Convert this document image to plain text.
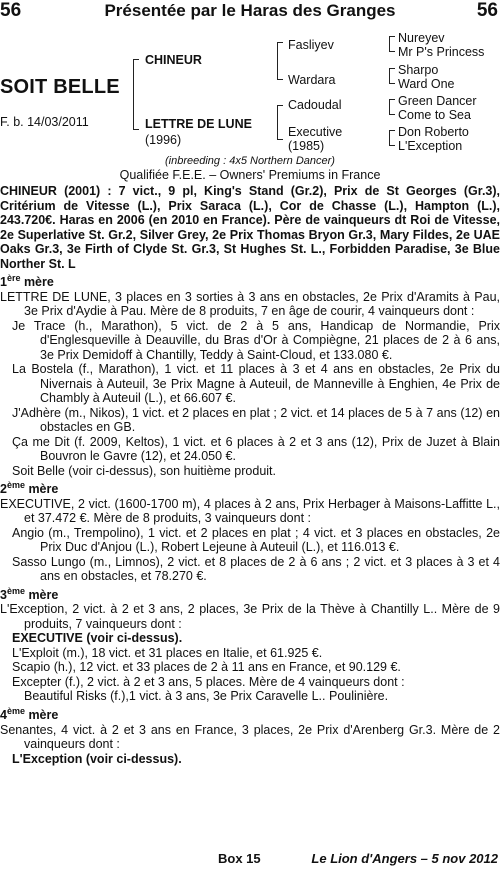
56	Présentée par le Haras des Granges	56
SOIT BELLE
F. b. 14/03/2011
CHINEUR
LETTRE DE LUNE
(1996)
Fasliyev
Wardara
Cadoudal
Executive
(1985)
Nureyev
Mr P's Princess
Sharpo
Ward One
Green Dancer
Come to Sea
Don Roberto
L'Exception
(inbreeding : 4x5 Northern Dancer)
Qualifiée F.E.E. – Owners' Premiums in France

CHINEUR (2001) : 7 vict., 9 pl, King's Stand (Gr.2), Prix de St Georges (Gr.3), Critérium de Vitesse (L.), Prix Saraca (L.), Cor de Chasse (L.), Hampton (L.), 243.720€. Haras en 2006 (en 2010 en France). Père de vainqueurs dt Roi de Vitesse, 2e Superlative St. Gr.2, Silver Grey, 2e Prix Thomas Bryon Gr.3, Mary Fildes, 2e UAE Oaks Gr.3, 3e Firth of Clyde St. Gr.3, St Hughes St. L., Forbidden Paradise, 3e Blue Norther St. L

1ère mère

LETTRE DE LUNE, 3 places en 3 sorties à 3 ans en obstacles, 2e Prix d'Aramits à Pau, 3e Prix d'Aydie à Pau. Mère de 8 produits, 7 en âge de courir, 4 vainqueurs dont :

Je Trace (h., Marathon), 5 vict. de 2 à 5 ans, Handicap de Normandie, Prix d'Englesqueville à Deauville, du Bras d'Or à Compiègne, 21 places de 2 à 6 ans, 3e Prix Demidoff à Chantilly, Teddy à Saint-Cloud, et 133.080 €.

La Bostela (f., Marathon), 1 vict. et 11 places à 3 et 4 ans en obstacles, 2e Prix du Nivernais à Auteuil, 3e Prix Magne à Auteuil, de Manneville à Enghien, 4e Prix de Chambly à Auteuil (L.), et 66.607 €.

J'Adhère (m., Nikos), 1 vict. et 2 places en plat ; 2 vict. et 14 places de 5 à 7 ans (12) en obstacles en GB.

Ça me Dit (f. 2009, Keltos), 1 vict. et 6 places à 2 et 3 ans (12), Prix de Juzet à Blain Bouvron le Gavre (12), et 24.050 €.

Soit Belle (voir ci-dessus), son huitième produit.

2ème mère

EXECUTIVE, 2 vict. (1600-1700 m), 4 places à 2 ans, Prix Herbager à Maisons-Laffitte L., et 37.472 €. Mère de 8 produits, 3 vainqueurs dont :

Angio (m., Trempolino), 1 vict. et 2 places en plat ; 4 vict. et 3 places en obstacles, 2e Prix Duc d'Anjou (L.), Robert Lejeune à Auteuil (L.), et 116.013 €.

Sasso Lungo (m., Limnos), 2 vict. et 8 places de 2 à 6 ans ; 2 vict. et 3 places à 3 et 4 ans en obstacles, et 78.270 €.

3ème mère

L'Exception, 2 vict. à 2 et 3 ans, 2 places, 3e Prix de la Thève à Chantilly L.. Mère de 9 produits, 7 vainqueurs dont :

EXECUTIVE (voir ci-dessus).

L'Exploit (m.), 18 vict. et 31 places en Italie, et 61.925 €.

Scapio (h.), 12 vict. et 33 places de 2 à 11 ans en France, et 90.129 €.

Excepter (f.), 2 vict. à 2 et 3 ans, 5 places. Mère de 4 vainqueurs dont :

Beautiful Risks (f.),1 vict. à 3 ans, 3e Prix Caravelle L.. Poulinière.

4ème mère

Senantes, 4 vict. à 2 et 3 ans en France, 3 places, 2e Prix d'Arenberg Gr.3. Mère de 2 vainqueurs dont :

L'Exception (voir ci-dessus).

Box 15	Le Lion d'Angers – 5 nov 2012
